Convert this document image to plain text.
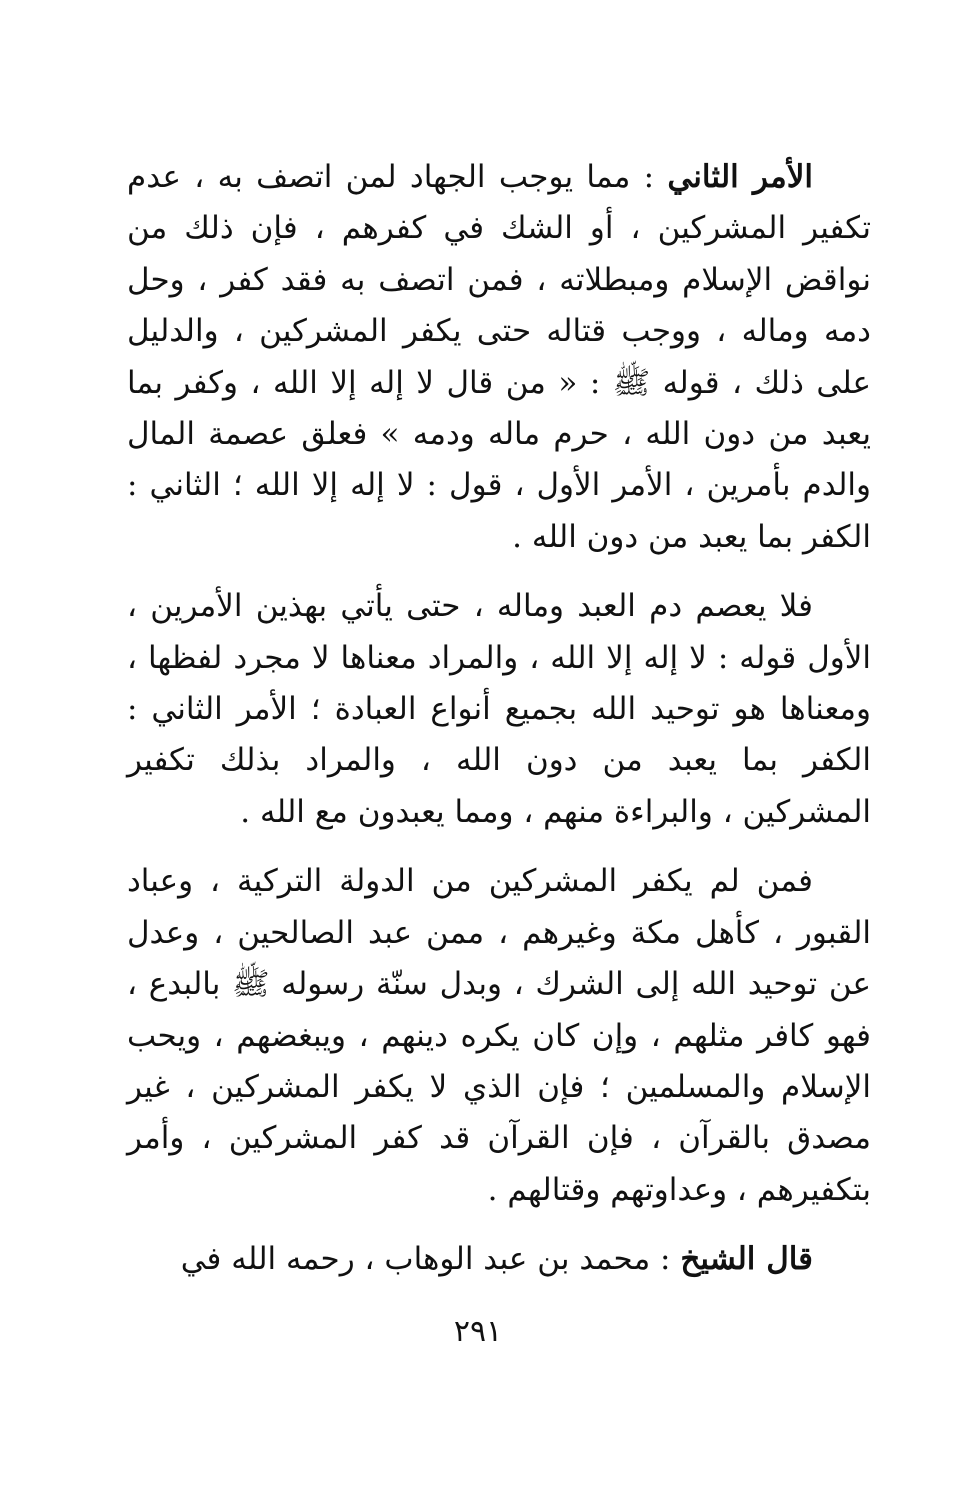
الأمر الثاني : مما يوجب الجهاد لمن اتصف به ، عدم تكفير المشركين ، أو الشك في كفرهم ، فإن ذلك من نواقض الإسلام ومبطلاته ، فمن اتصف به فقد كفر ، وحل دمه وماله ، ووجب قتاله حتى يكفر المشركين ، والدليل على ذلك ، قوله ﷺ : « من قال لا إله إلا الله ، وكفر بما يعبد من دون الله ، حرم ماله ودمه » فعلق عصمة المال والدم بأمرين ، الأمر الأول ، قول : لا إله إلا الله ؛ الثاني : الكفر بما يعبد من دون الله .

فلا يعصم دم العبد وماله ، حتى يأتي بهذين الأمرين ، الأول قوله : لا إله إلا الله ، والمراد معناها لا مجرد لفظها ، ومعناها هو توحيد الله بجميع أنواع العبادة ؛ الأمر الثاني : الكفر بما يعبد من دون الله ، والمراد بذلك تكفير المشركين ، والبراءة منهم ، ومما يعبدون مع الله .

فمن لم يكفر المشركين من الدولة التركية ، وعباد القبور ، كأهل مكة وغيرهم ، ممن عبد الصالحين ، وعدل عن توحيد الله إلى الشرك ، وبدل سنّة رسوله ﷺ بالبدع ، فهو كافر مثلهم ، وإن كان يكره دينهم ، ويبغضهم ، ويحب الإسلام والمسلمين ؛ فإن الذي لا يكفر المشركين ، غير مصدق بالقرآن ، فإن القرآن قد كفر المشركين ، وأمر بتكفيرهم ، وعداوتهم وقتالهم .

قال الشيخ : محمد بن عبد الوهاب ، رحمه الله في

٢٩١
